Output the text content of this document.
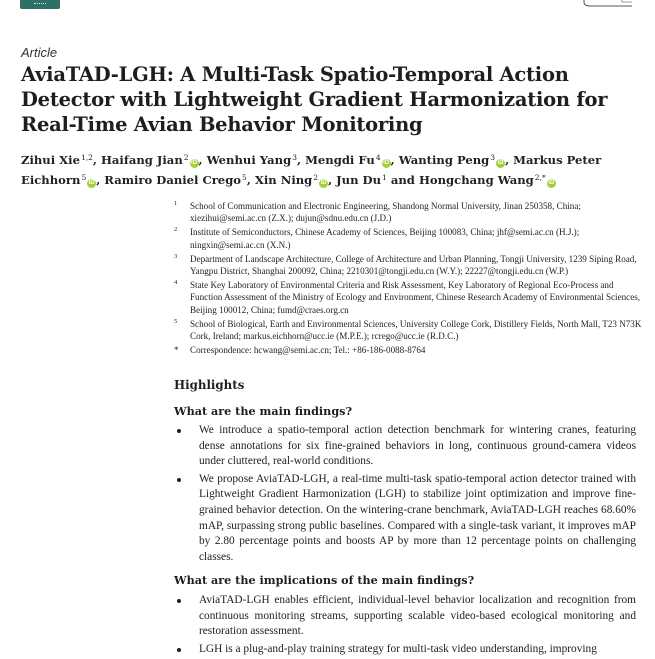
Article
AviaTAD-LGH: A Multi-Task Spatio-Temporal Action Detector with Lightweight Gradient Harmonization for Real-Time Avian Behavior Monitoring
Zihui Xie$^{1,2}$, Haifang Jian$^2$iD , Wenhui Yang$^3$, Mengdi Fu$^4$iD , Wanting Peng$^3$iD , Markus Peter Eichhorn$^5$iD , Ramiro Daniel Crego$^5$, Xin Ning$^2$iD , Jun Du$^1$ and Hongchang Wang$^{2,*}$iD
1 School of Communication and Electronic Engineering, Shandong Normal University, Jinan 250358, China; xiezihui@semi.ac.cn (Z.X.); dujun@sdnu.edu.cn (J.D.)
2 Institute of Semiconductors, Chinese Academy of Sciences, Beijing 100083, China; jhf@semi.ac.cn (H.J.); ningxin@semi.ac.cn (X.N.)
3 Department of Landscape Architecture, College of Architecture and Urban Planning, Tongji University, 1239 Siping Road, Yangpu District, Shanghai 200092, China; 2210301@tongji.edu.cn (W.Y.); 22227@tongji.edu.cn (W.P.)
4 State Key Laboratory of Environmental Criteria and Risk Assessment, Key Laboratory of Regional Eco-Process and Function Assessment of the Ministry of Ecology and Environment, Chinese Research Academy of Environmental Sciences, Beijing 100012, China; fumd@craes.org.cn
5 School of Biological, Earth and Environmental Sciences, University College Cork, Distillery Fields, North Mall, T23 N73K Cork, Ireland; markus.eichhorn@ucc.ie (M.P.E.); rcrego@ucc.ie (R.D.C.)
* Correspondence: hcwang@semi.ac.cn; Tel.: +86-186-0088-8764
Highlights
What are the main findings?
We introduce a spatio-temporal action detection benchmark for wintering cranes, featuring dense annotations for six fine-grained behaviors in long, continuous ground-camera videos under cluttered, real-world conditions.
We propose AviaTAD-LGH, a real-time multi-task spatio-temporal action detector trained with Lightweight Gradient Harmonization (LGH) to stabilize joint optimization and improve fine-grained behavior detection. On the wintering-crane benchmark, AviaTAD-LGH reaches 68.60% mAP, surpassing strong public baselines. Compared with a single-task variant, it improves mAP by 2.80 percentage points and boosts AP by more than 12 percentage points on challenging classes.
What are the implications of the main findings?
AviaTAD-LGH enables efficient, individual-level behavior localization and recognition from continuous monitoring streams, supporting scalable video-based ecological monitoring and restoration assessment.
LGH is a plug-and-play training strategy for multi-task video understanding, improving
